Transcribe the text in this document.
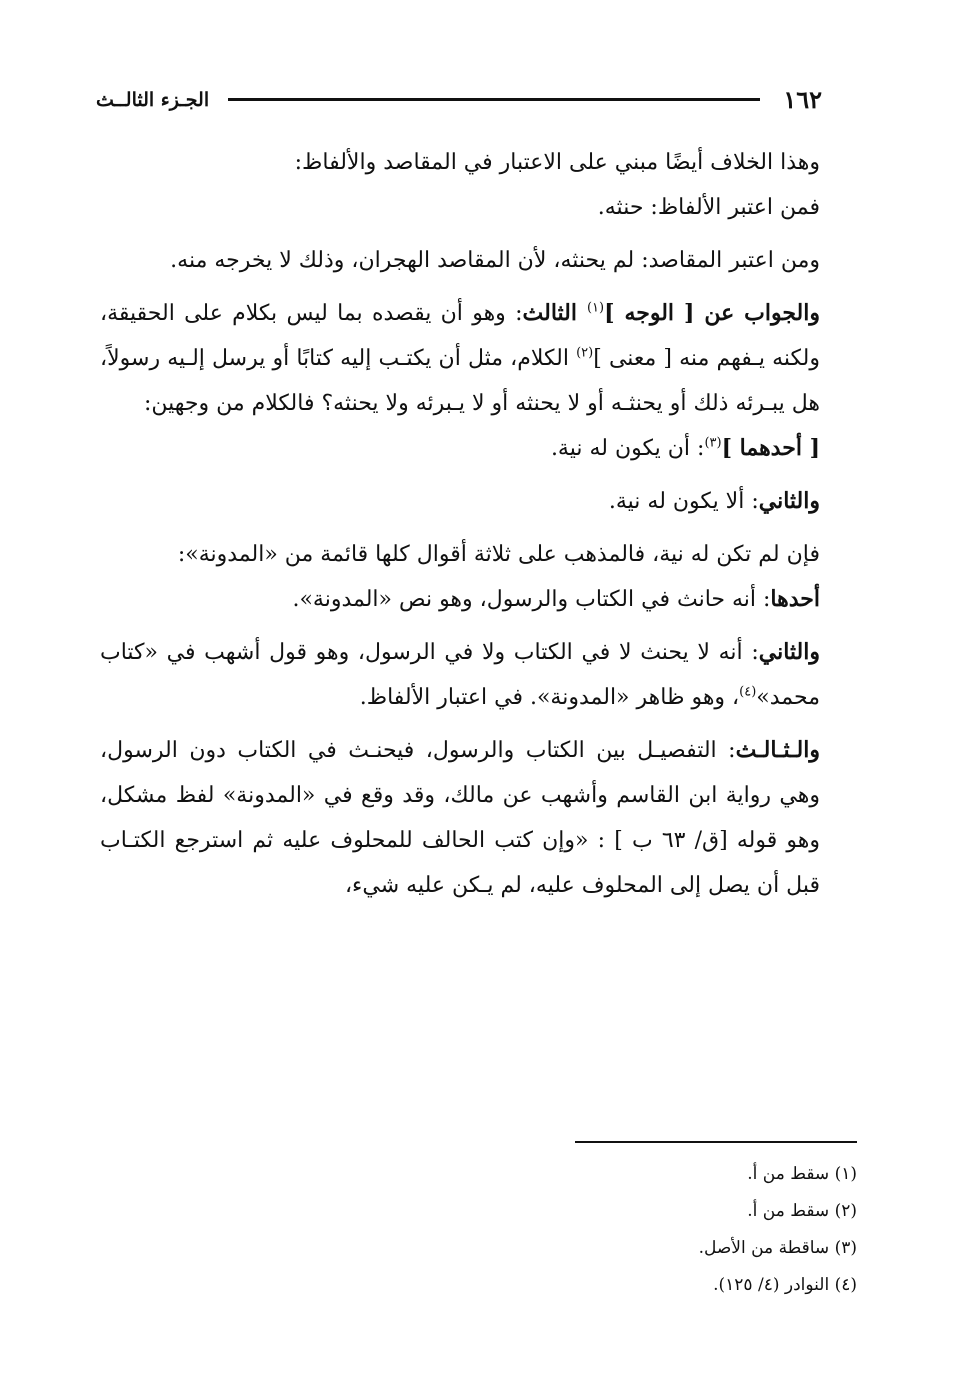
١٦٢
الجـزء الثالــث

وهذا الخلاف أيضًا مبني على الاعتبار في المقاصد والألفاظ:

فمن اعتبر الألفاظ: حنثه.

ومن اعتبر المقاصد: لم يحنثه، لأن المقاصد الهجران، وذلك لا يخرجه منه.

والجواب عن [ الوجه ]$^{(١)}$ الثالث: وهو أن يقصده بما ليس بكلام على الحقيقة، ولكنه يـفهم منه [ معنى ]$^{(٢)}$ الكلام، مثل أن يكتـب إليه كتابًا أو يرسل إلـيه رسولاً، هل يبـرئه ذلك أو يحنثـه أو لا يحنثه أو لا يـبرئه ولا يحنثه؟ فالكلام من وجهين:

[ أحدهما ]$^{(٣)}$: أن يكون له نية.

والثاني: ألا يكون له نية.

فإن لم تكن له نية، فالمذهب على ثلاثة أقوال كلها قائمة من «المدونة»:

أحدها: أنه حانث في الكتاب والرسول، وهو نص «المدونة».

والثاني: أنه لا يحنث لا في الكتاب ولا في الرسول، وهو قول أشهب في «كتاب محمد»$^{(٤)}$، وهو ظاهر «المدونة». في اعتبار الألفاظ.

والـثـالـث: التفصيـل بين الكتاب والرسول، فيحنـث في الكتاب دون الرسول، وهي رواية ابن القاسم وأشهب عن مالك، وقد وقع في «المدونة» لفظ مشكل، وهو قوله [ق/ ٦٣ ب ] : «وإن كتب الحالف للمحلوف عليه ثم استرجع الكتـاب قبل أن يصل إلى المحلوف عليه، لم يـكن عليه شيء،

(١) سقط من أ.
(٢) سقط من أ.
(٣) ساقطة من الأصل.
(٤) النوادر (٤/ ١٢٥).
